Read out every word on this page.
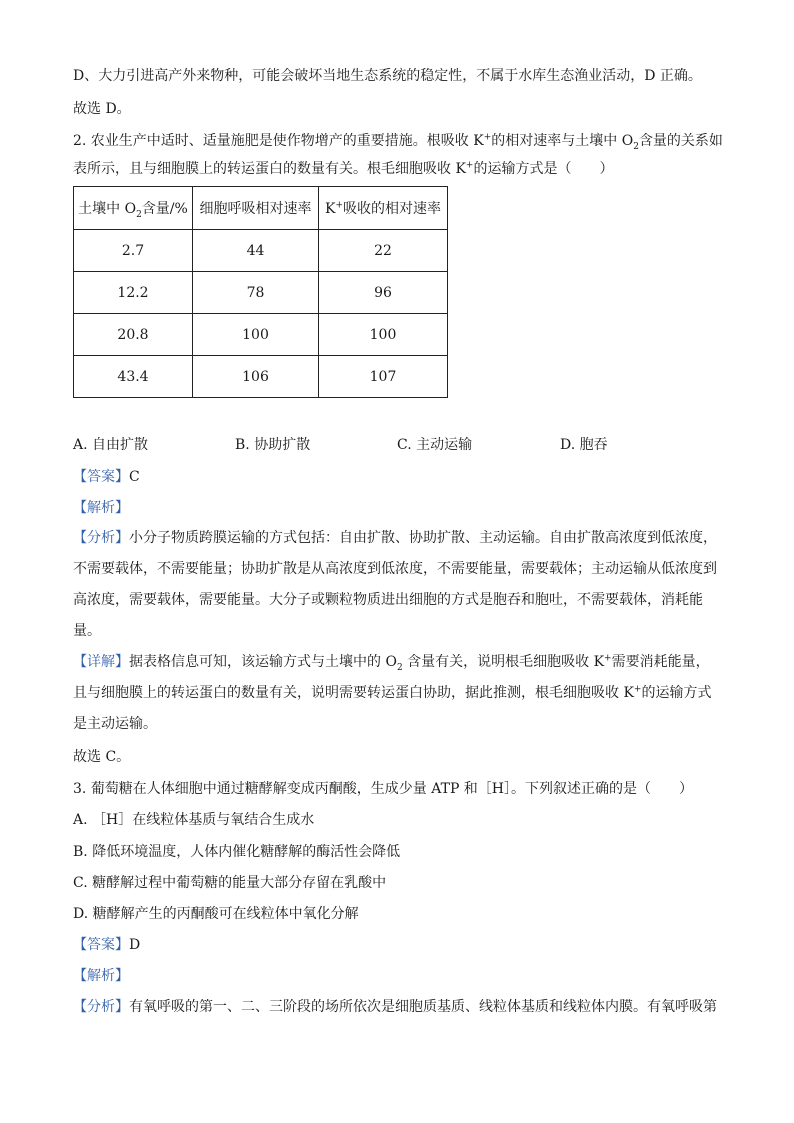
D、大力引进高产外来物种，可能会破坏当地生态系统的稳定性，不属于水库生态渔业活动，D 正确。
故选 D。
2. 农业生产中适时、适量施肥是使作物增产的重要措施。根吸收 K+的相对速率与土壤中 $O_2$含量的关系如
表所示，且与细胞膜上的转运蛋白的数量有关。根毛细胞吸收 K+的运输方式是（　　）
土壤中 $O_2$含量/%	细胞呼吸相对速率	K+吸收的相对速率
2.7	44	22
12.2	78	96
20.8	100	100
43.4	106	107
A. 自由扩散	B. 协助扩散	C. 主动运输	D. 胞吞
【答案】C
【解析】
【分析】小分子物质跨膜运输的方式包括：自由扩散、协助扩散、主动运输。自由扩散高浓度到低浓度，不需要载体，不需要能量；协助扩散是从高浓度到低浓度，不需要能量，需要载体；主动运输从低浓度到高浓度，需要载体，需要能量。大分子或颗粒物质进出细胞的方式是胞吞和胞吐，不需要载体，消耗能量。
【详解】据表格信息可知，该运输方式与土壤中的 $O_2$ 含量有关，说明根毛细胞吸收 K+需要消耗能量，且与细胞膜上的转运蛋白的数量有关，说明需要转运蛋白协助，据此推测，根毛细胞吸收 K+的运输方式是主动运输。
故选 C。
3. 葡萄糖在人体细胞中通过糖酵解变成丙酮酸，生成少量 ATP 和［H］。下列叙述正确的是（　　）
A. ［H］在线粒体基质与氧结合生成水
B. 降低环境温度，人体内催化糖酵解的酶活性会降低
C. 糖酵解过程中葡萄糖的能量大部分存留在乳酸中
D. 糖酵解产生的丙酮酸可在线粒体中氧化分解
【答案】D
【解析】
【分析】有氧呼吸的第一、二、三阶段的场所依次是细胞质基质、线粒体基质和线粒体内膜。有氧呼吸第
